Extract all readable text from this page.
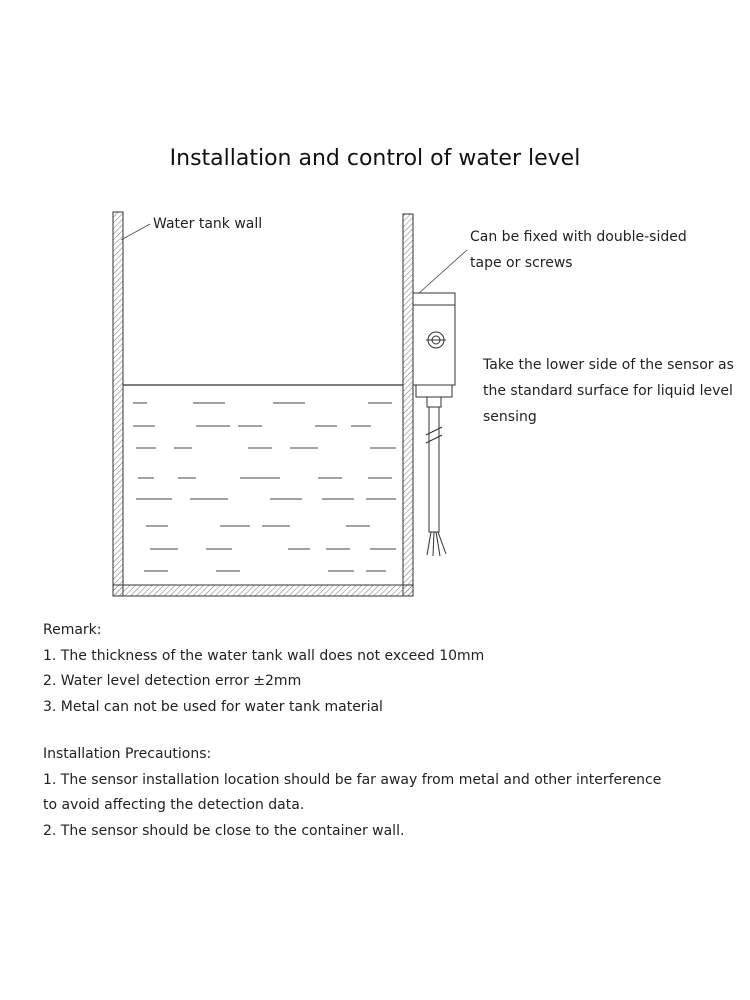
Installation and control of water level
Water tank wall
Can be fixed with double-sided
tape or screws
Take the lower side of the sensor as
the standard surface for liquid level
sensing
Remark:
1. The thickness of the water tank wall does not exceed 10mm
2. Water level detection error ±2mm
3. Metal can not be used for water tank material
Installation Precautions:
1. The sensor installation location should be far away from metal and other interference
to avoid affecting the detection data.
2. The sensor should be close to the container wall.
